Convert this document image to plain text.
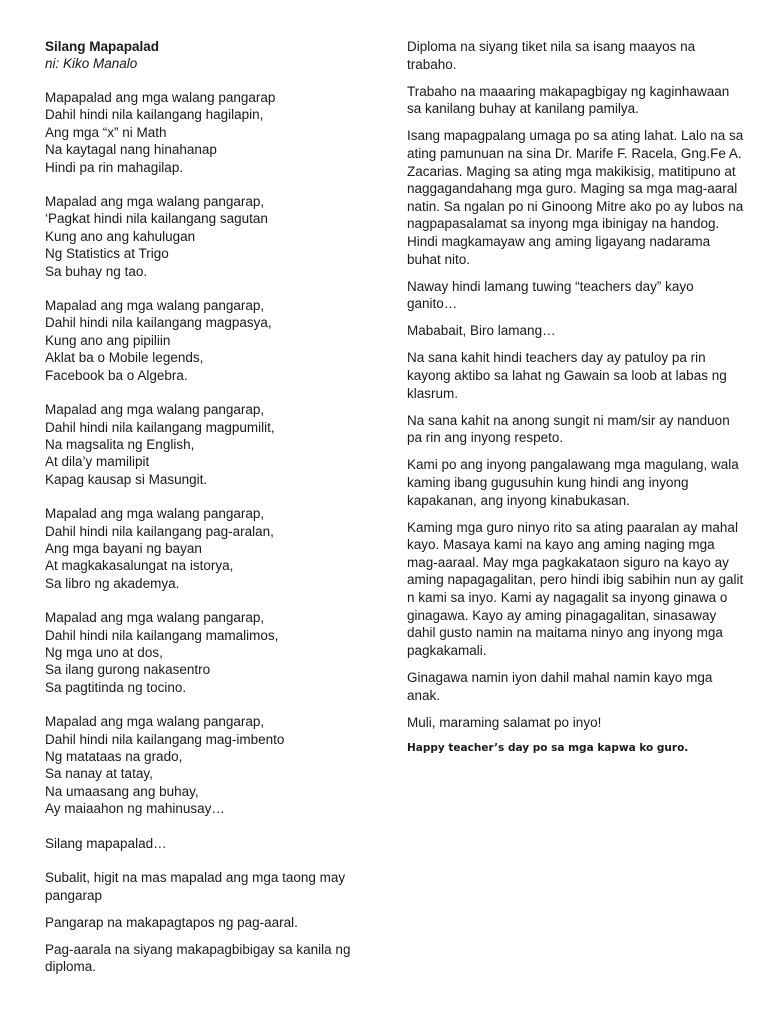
Silang Mapapalad

ni: Kiko Manalo

Mapapalad ang mga walang pangarap
Dahil hindi nila kailangang hagilapin,
Ang mga “x” ni Math
Na kaytagal nang hinahanap
Hindi pa rin mahagilap.
Mapalad ang mga walang pangarap,
‘Pagkat hindi nila kailangang sagutan
Kung ano ang kahulugan
Ng Statistics at Trigo
Sa buhay ng tao.
Mapalad ang mga walang pangarap,
Dahil hindi nila kailangang magpasya,
Kung ano ang pipiliin
Aklat ba o Mobile legends,
Facebook ba o Algebra.
Mapalad ang mga walang pangarap,
Dahil hindi nila kailangang magpumilit,
Na magsalita ng English,
At dila’y mamilipit
Kapag kausap si Masungit.
Mapalad ang mga walang pangarap,
Dahil hindi nila kailangang pag-aralan,
Ang mga bayani ng bayan
At magkakasalungat na istorya,
Sa libro ng akademya.
Mapalad ang mga walang pangarap,
Dahil hindi nila kailangang mamalimos,
Ng mga uno at dos,
Sa ilang gurong nakasentro
Sa pagtitinda ng tocino.
Mapalad ang mga walang pangarap,
Dahil hindi nila kailangang mag-imbento
Ng matataas na grado,
Sa nanay at tatay,
Na umaasang ang buhay,
Ay maiaahon ng mahinusay…
Silang mapapalad…

Subalit, higit na mas mapalad ang mga taong may pangarap

Pangarap na makapagtapos ng pag-aaral.

Pag-aaralа na siyang makapagbibigay sa kanila ng diploma.

Diploma na siyang tiket nila sa isang maayos na trabaho.

Trabaho na maaaring makapagbigay ng kaginhawaan sa kanilang buhay at kanilang pamilya.

Isang mapagpalang umaga po sa ating lahat. Lalo na sa ating pamunuan na sina Dr. Marife F. Racela, Gng.Fe A. Zacarias. Maging sa ating mga makikisig, matitipuno at naggagandahang mga guro. Maging sa mga mag-aaral natin. Sa ngalan po ni Ginoong Mitre ako po ay lubos na nagpapasalamat sa inyong mga ibinigay na handog. Hindi magkamayaw ang aming ligayang nadarama buhat nito.

Naway hindi lamang tuwing “teachers day” kayo ganito…

Mababait, Biro lamang…

Na sana kahit hindi teachers day ay patuloy pa rin kayong aktibo sa lahat ng Gawain sa loob at labas ng klasrum.

Na sana kahit na anong sungit ni mam/sir ay nanduon pa rin ang inyong respeto.

Kami po ang inyong pangalawang mga magulang, wala kaming ibang gugusuhin kung hindi ang inyong kapakanan, ang inyong kinabukasan.

Kaming mga guro ninyo rito sa ating paaralan ay mahal kayo. Masaya kami na kayo ang aming naging mga mag-aaraal. May mga pagkakataon siguro na kayo ay aming napagagalitan, pero hindi ibig sabihin nun ay galit n kami sa inyo. Kami ay nagagalit sa inyong ginawa o ginagawa. Kayo ay aming pinagagalitan, sinasaway dahil gusto namin na maitama ninyo ang inyong mga pagkakamali.

Ginagawa namin iyon dahil mahal namin kayo mga anak.

Muli, maraming salamat po inyo!

Happy teacher’s day po sa mga kapwa ko guro.
